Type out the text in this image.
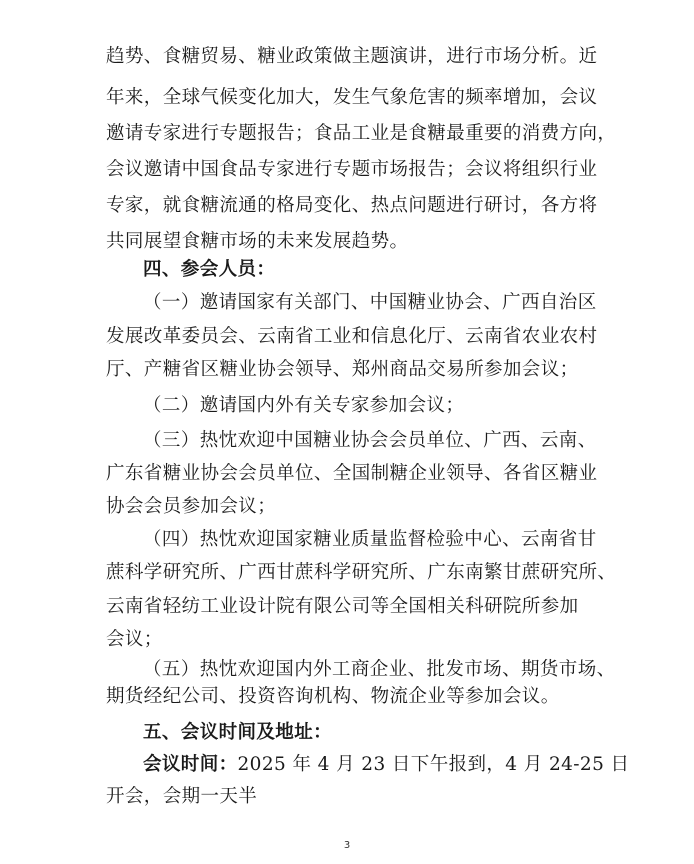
趋势、食糖贸易、糖业政策做主题演讲，进行市场分析。近
年来，全球气候变化加大，发生气象危害的频率增加，会议
邀请专家进行专题报告；食品工业是食糖最重要的消费方向，
会议邀请中国食品专家进行专题市场报告；会议将组织行业
专家，就食糖流通的格局变化、热点问题进行研讨，各方将
共同展望食糖市场的未来发展趋势。
四、参会人员：
（一）邀请国家有关部门、中国糖业协会、广西自治区
发展改革委员会、云南省工业和信息化厅、云南省农业农村
厅、产糖省区糖业协会领导、郑州商品交易所参加会议；
（二）邀请国内外有关专家参加会议；
（三）热忱欢迎中国糖业协会会员单位、广西、云南、
广东省糖业协会会员单位、全国制糖企业领导、各省区糖业
协会会员参加会议；
（四）热忱欢迎国家糖业质量监督检验中心、云南省甘
蔗科学研究所、广西甘蔗科学研究所、广东南繁甘蔗研究所、
云南省轻纺工业设计院有限公司等全国相关科研院所参加
会议；
（五）热忱欢迎国内外工商企业、批发市场、期货市场、
期货经纪公司、投资咨询机构、物流企业等参加会议。
3
五、会议时间及地址：
会议时间：2025 年 4 月 23 日下午报到，4 月 24-25 日
开会，会期一天半
